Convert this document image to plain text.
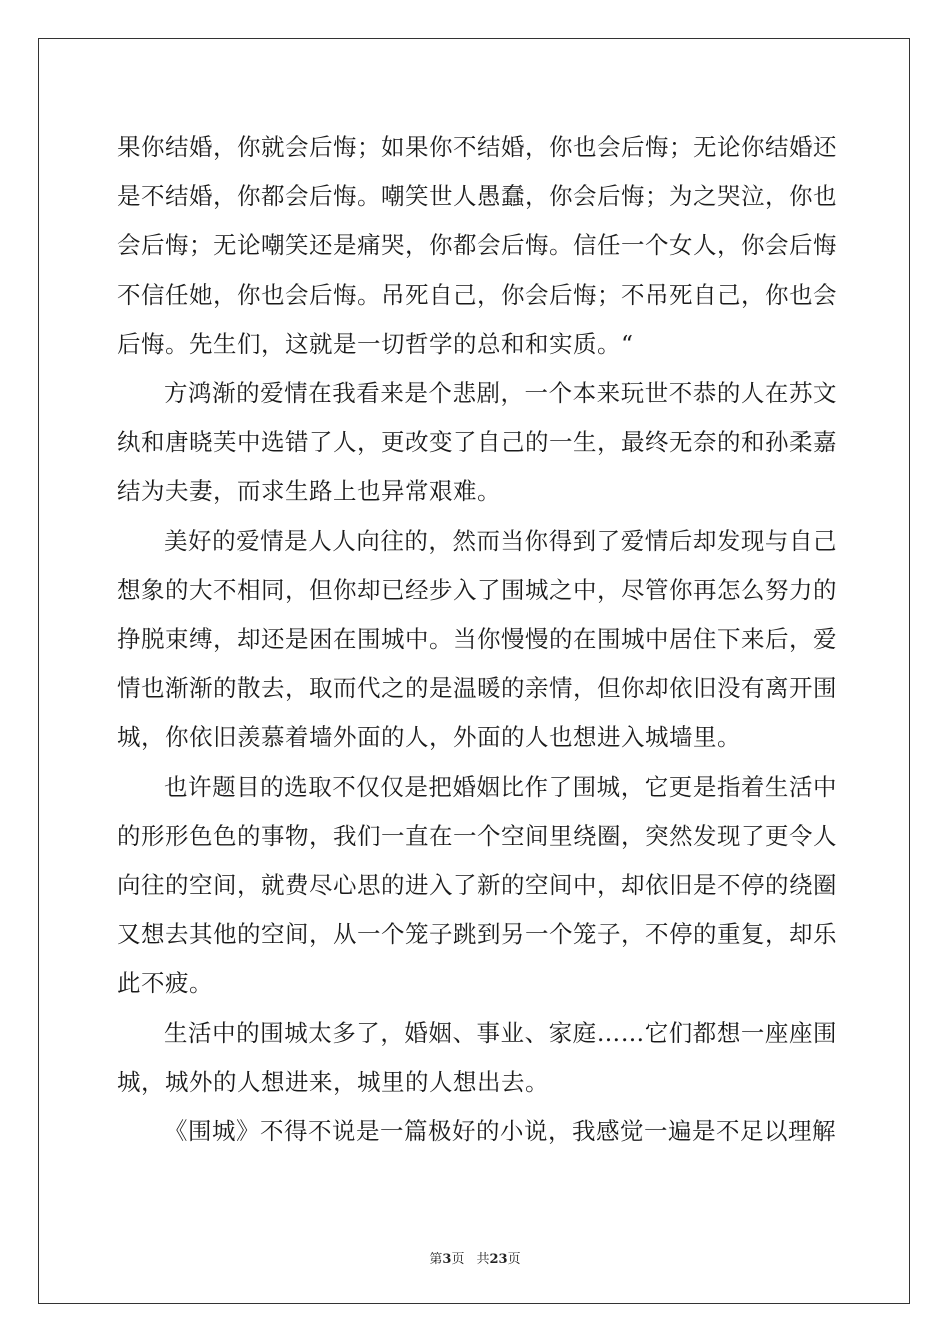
果你结婚，你就会后悔；如果你不结婚，你也会后悔；无论你结婚还是不结婚，你都会后悔。嘲笑世人愚蠢，你会后悔；为之哭泣，你也会后悔；无论嘲笑还是痛哭，你都会后悔。信任一个女人，你会后悔不信任她，你也会后悔。吊死自己，你会后悔；不吊死自己，你也会后悔。先生们，这就是一切哲学的总和和实质。“

方鸿渐的爱情在我看来是个悲剧，一个本来玩世不恭的人在苏文纨和唐晓芙中选错了人，更改变了自己的一生，最终无奈的和孙柔嘉结为夫妻，而求生路上也异常艰难。

美好的爱情是人人向往的，然而当你得到了爱情后却发现与自己想象的大不相同，但你却已经步入了围城之中，尽管你再怎么努力的挣脱束缚，却还是困在围城中。当你慢慢的在围城中居住下来后，爱情也渐渐的散去，取而代之的是温暖的亲情，但你却依旧没有离开围城，你依旧羡慕着墙外面的人，外面的人也想进入城墙里。

也许题目的选取不仅仅是把婚姻比作了围城，它更是指着生活中的形形色色的事物，我们一直在一个空间里绕圈，突然发现了更令人向往的空间，就费尽心思的进入了新的空间中，却依旧是不停的绕圈又想去其他的空间，从一个笼子跳到另一个笼子，不停的重复，却乐此不疲。

生活中的围城太多了，婚姻、事业、家庭……它们都想一座座围城，城外的人想进来，城里的人想出去。

《围城》不得不说是一篇极好的小说，我感觉一遍是不足以理解

第3页 共23页
